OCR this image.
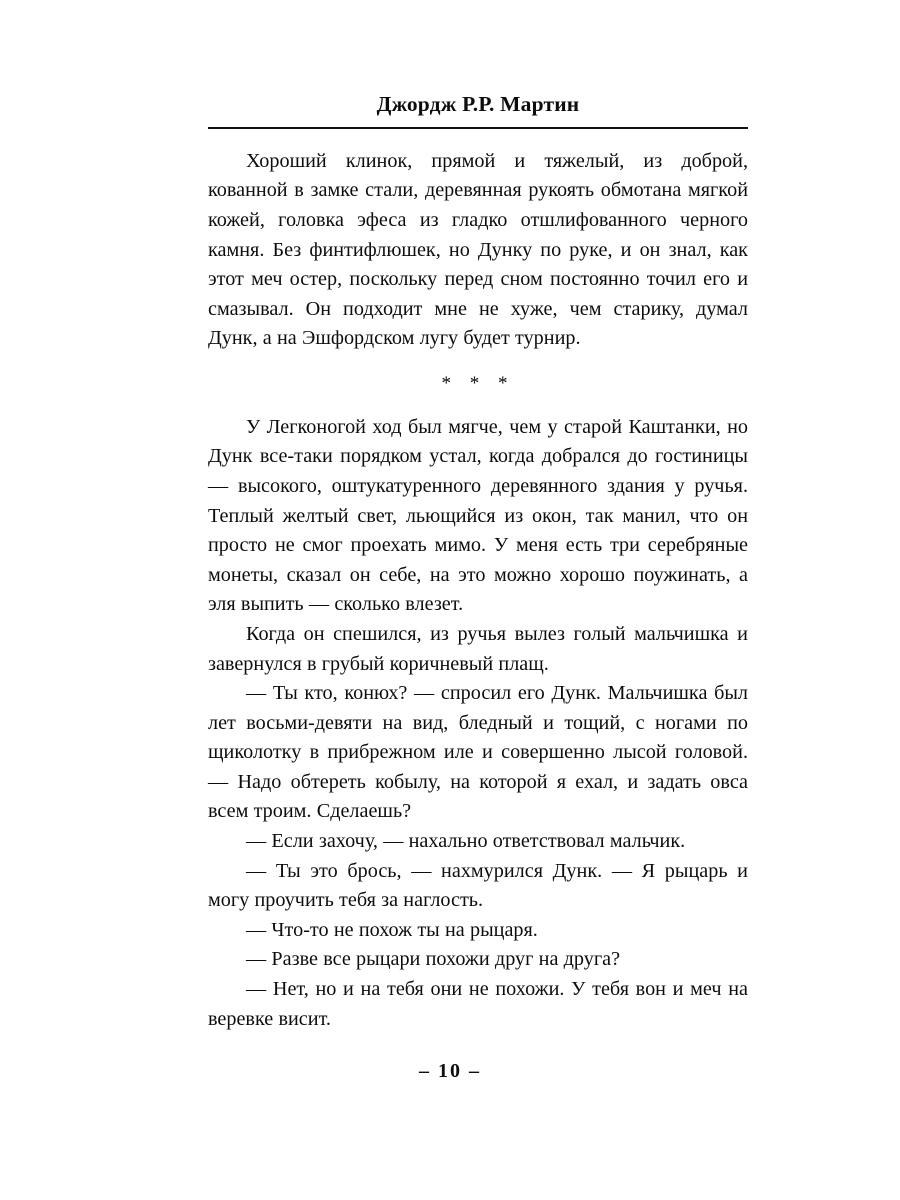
Джордж Р.Р. Мартин

Хороший клинок, прямой и тяжелый, из доброй, кованной в замке стали, деревянная рукоять обмотана мягкой кожей, головка эфеса из гладко отшлифованного черного камня. Без финтифлюшек, но Дунку по руке, и он знал, как этот меч остер, поскольку перед сном постоянно точил его и смазывал. Он подходит мне не хуже, чем старику, думал Дунк, а на Эшфордском лугу будет турнир.

* * *

У Легконогой ход был мягче, чем у старой Каштанки, но Дунк все-таки порядком устал, когда добрался до гостиницы — высокого, оштукатуренного деревянного здания у ручья. Теплый желтый свет, льющийся из окон, так манил, что он просто не смог проехать мимо. У меня есть три серебряные монеты, сказал он себе, на это можно хорошо поужинать, а эля выпить — сколько влезет.

Когда он спешился, из ручья вылез голый мальчишка и завернулся в грубый коричневый плащ.

— Ты кто, конюх? — спросил его Дунк. Мальчишка был лет восьми-девяти на вид, бледный и тощий, с ногами по щиколотку в прибрежном иле и совершенно лысой головой. — Надо обтереть кобылу, на которой я ехал, и задать овса всем троим. Сделаешь?

— Если захочу, — нахально ответствовал мальчик.

— Ты это брось, — нахмурился Дунк. — Я рыцарь и могу проучить тебя за наглость.

— Что-то не похож ты на рыцаря.

— Разве все рыцари похожи друг на друга?

— Нет, но и на тебя они не похожи. У тебя вон и меч на веревке висит.

– 10 –
